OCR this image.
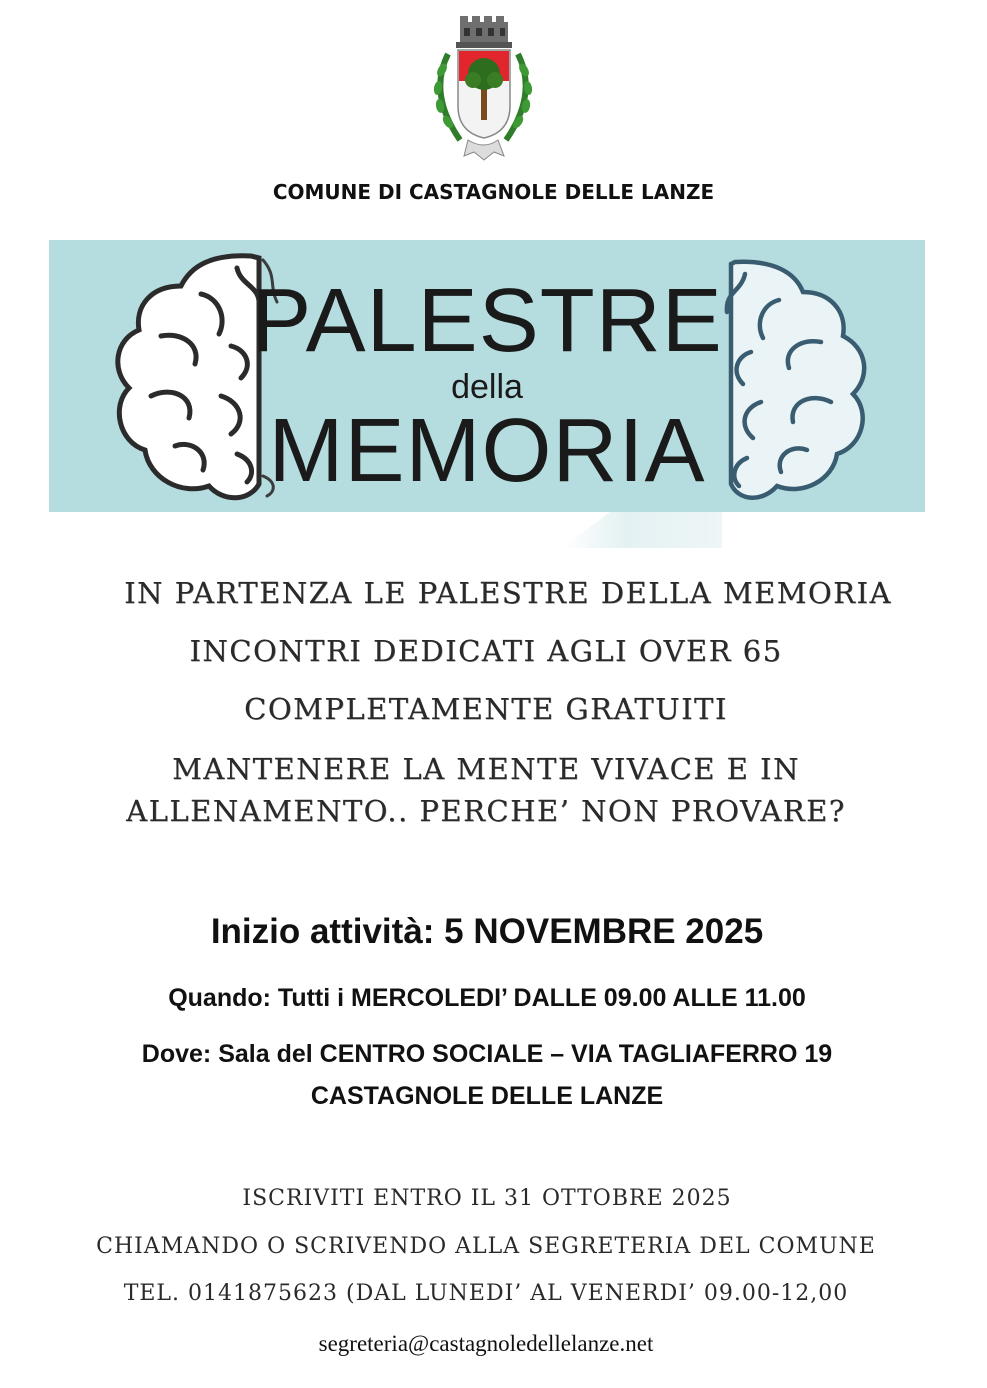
COMUNE DI CASTAGNOLE DELLE LANZE
PALESTRE
della
MEMORIA
IN PARTENZA LE PALESTRE DELLA MEMORIA
INCONTRI DEDICATI AGLI OVER 65
COMPLETAMENTE GRATUITI
MANTENERE LA MENTE VIVACE E IN
ALLENAMENTO.. PERCHE’ NON PROVARE?
Inizio attività: 5 NOVEMBRE 2025
Quando: Tutti i MERCOLEDI’ DALLE 09.00 ALLE 11.00
Dove: Sala del CENTRO SOCIALE – VIA TAGLIAFERRO 19
CASTAGNOLE DELLE LANZE
ISCRIVITI ENTRO IL 31 OTTOBRE 2025
CHIAMANDO O SCRIVENDO ALLA SEGRETERIA DEL COMUNE
TEL. 0141875623 (DAL LUNEDI’ AL VENERDI’ 09.00-12,00
segreteria@castagnoledellelanze.net
